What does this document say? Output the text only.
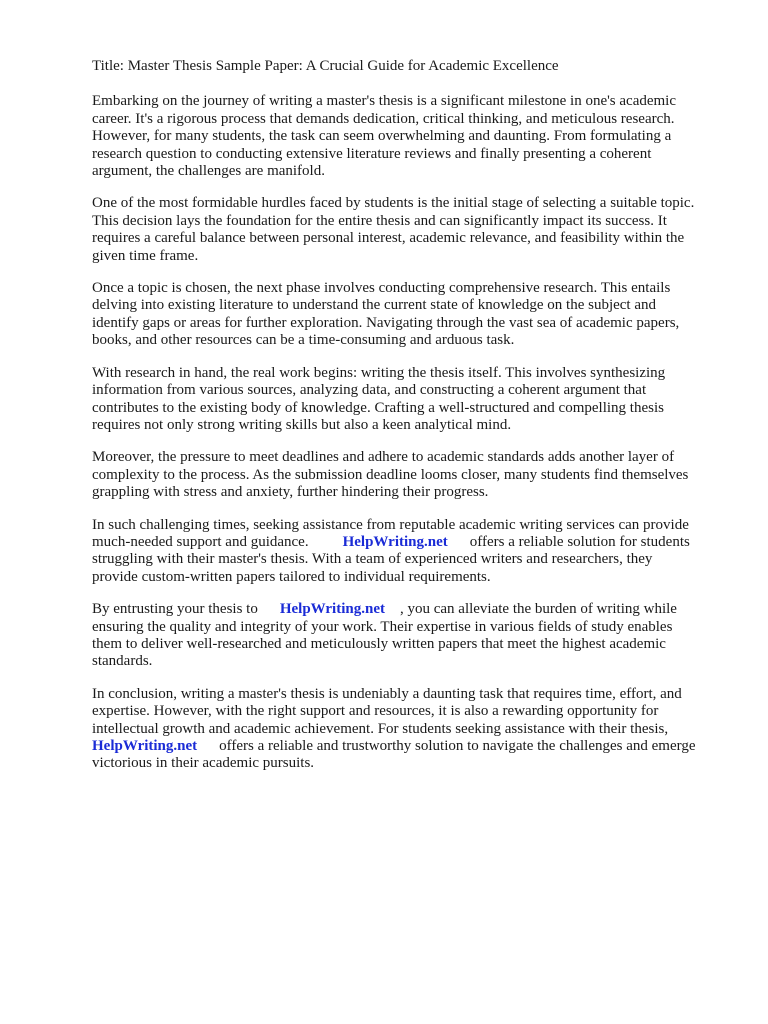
Title: Master Thesis Sample Paper: A Crucial Guide for Academic Excellence

Embarking on the journey of writing a master's thesis is a significant milestone in one's academic
career. It's a rigorous process that demands dedication, critical thinking, and meticulous research.
However, for many students, the task can seem overwhelming and daunting. From formulating a
research question to conducting extensive literature reviews and finally presenting a coherent
argument, the challenges are manifold.

One of the most formidable hurdles faced by students is the initial stage of selecting a suitable topic.
This decision lays the foundation for the entire thesis and can significantly impact its success. It
requires a careful balance between personal interest, academic relevance, and feasibility within the
given time frame.

Once a topic is chosen, the next phase involves conducting comprehensive research. This entails
delving into existing literature to understand the current state of knowledge on the subject and
identify gaps or areas for further exploration. Navigating through the vast sea of academic papers,
books, and other resources can be a time-consuming and arduous task.

With research in hand, the real work begins: writing the thesis itself. This involves synthesizing
information from various sources, analyzing data, and constructing a coherent argument that
contributes to the existing body of knowledge. Crafting a well-structured and compelling thesis
requires not only strong writing skills but also a keen analytical mind.

Moreover, the pressure to meet deadlines and adhere to academic standards adds another layer of
complexity to the process. As the submission deadline looms closer, many students find themselves
grappling with stress and anxiety, further hindering their progress.

In such challenging times, seeking assistance from reputable academic writing services can provide
much-needed support and guidance. HelpWriting.net offers a reliable solution for students
struggling with their master's thesis. With a team of experienced writers and researchers, they
provide custom-written papers tailored to individual requirements.

By entrusting your thesis to HelpWriting.net , you can alleviate the burden of writing while
ensuring the quality and integrity of your work. Their expertise in various fields of study enables
them to deliver well-researched and meticulously written papers that meet the highest academic
standards.

In conclusion, writing a master's thesis is undeniably a daunting task that requires time, effort, and
expertise. However, with the right support and resources, it is also a rewarding opportunity for
intellectual growth and academic achievement. For students seeking assistance with their thesis,
HelpWriting.net offers a reliable and trustworthy solution to navigate the challenges and emerge
victorious in their academic pursuits.
